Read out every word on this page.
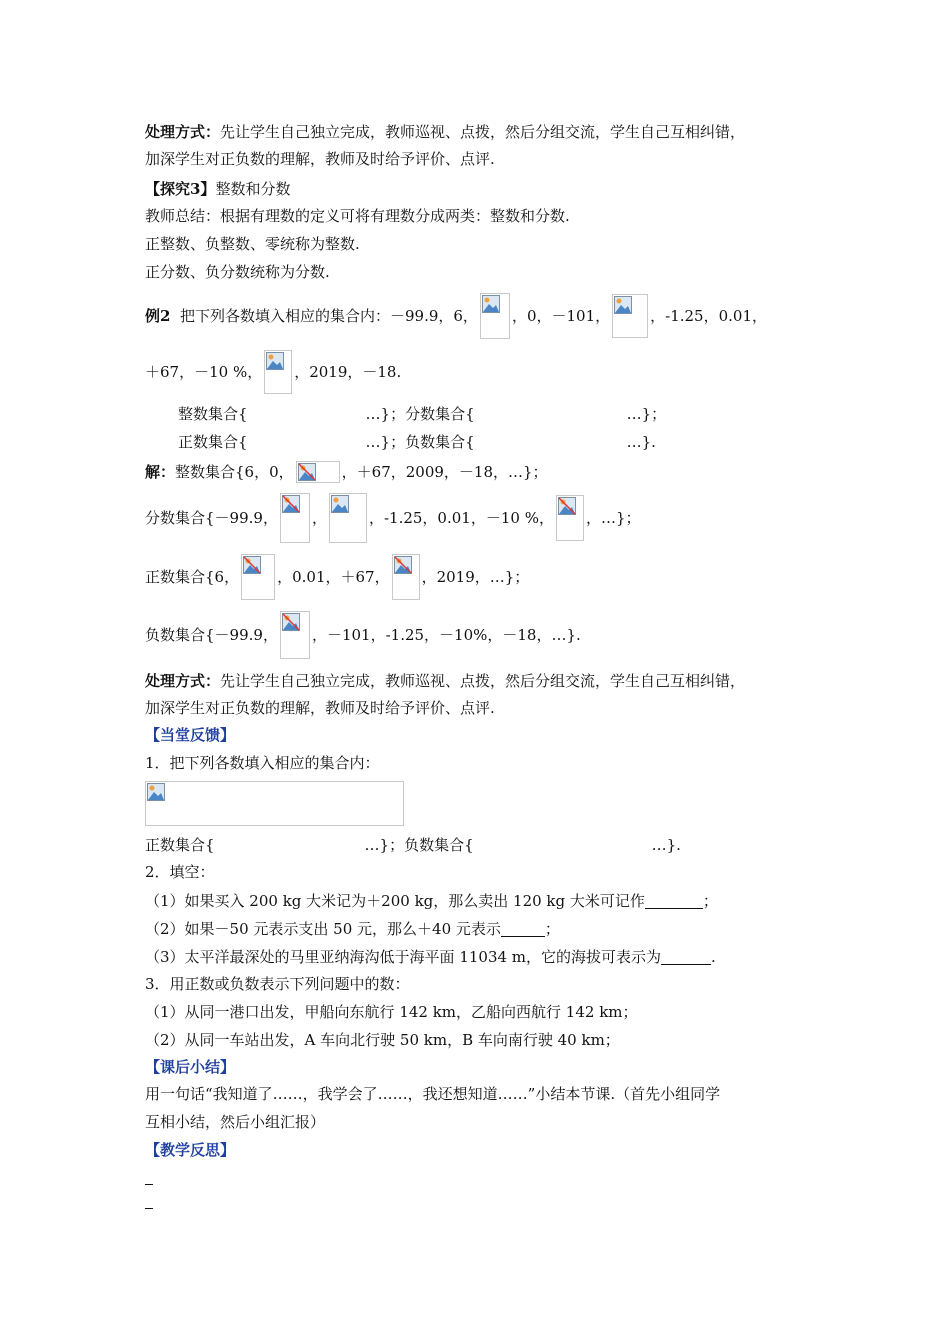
处理方式：先让学生自己独立完成，教师巡视、点拨，然后分组交流，学生自己互相纠错，
加深学生对正负数的理解，教师及时给予评价、点评.
【探究3】整数和分数
教师总结：根据有理数的定义可将有理数分成两类：整数和分数.
正整数、负整数、零统称为整数.
正分数、负分数统称为分数.
例2 把下列各数填入相应的集合内：－99.9，6， ，0，－101，	，-1.25，0.01，
＋67，－10 %， ，2019，－18.
整数集合{	…}；分数集合{	…}；
正数集合{	…}；负数集合{	…}.
解：整数集合{6，0，	，＋67，2009，－18，…}；
分数集合{－99.9， ，	，-1.25，0.01，－10 %， ，…}；
正数集合{6，	，0.01，＋67， ，2019，…}；
负数集合{－99.9， ，－101，-1.25，－10%，－18，…}.
处理方式：先让学生自己独立完成，教师巡视、点拨，然后分组交流，学生自己互相纠错，
加深学生对正负数的理解，教师及时给予评价、点评.
【当堂反馈】
1．把下列各数填入相应的集合内：
正数集合{	…}；负数集合{	…}.
2．填空：
（1）如果买入 200 kg 大米记为＋200 kg，那么卖出 120 kg 大米可记作	；
（2）如果－50 元表示支出 50 元，那么＋40 元表示	；
（3）太平洋最深处的马里亚纳海沟低于海平面 11034 m，它的海拔可表示为	.
3．用正数或负数表示下列问题中的数：
（1）从同一港口出发，甲船向东航行 142 km，乙船向西航行 142 km；
（2）从同一车站出发，A 车向北行驶 50 km，B 车向南行驶 40 km；
【课后小结】
用一句话“我知道了……，我学会了……，我还想知道……”小结本节课.（首先小组同学
互相小结，然后小组汇报）
【教学反思】
